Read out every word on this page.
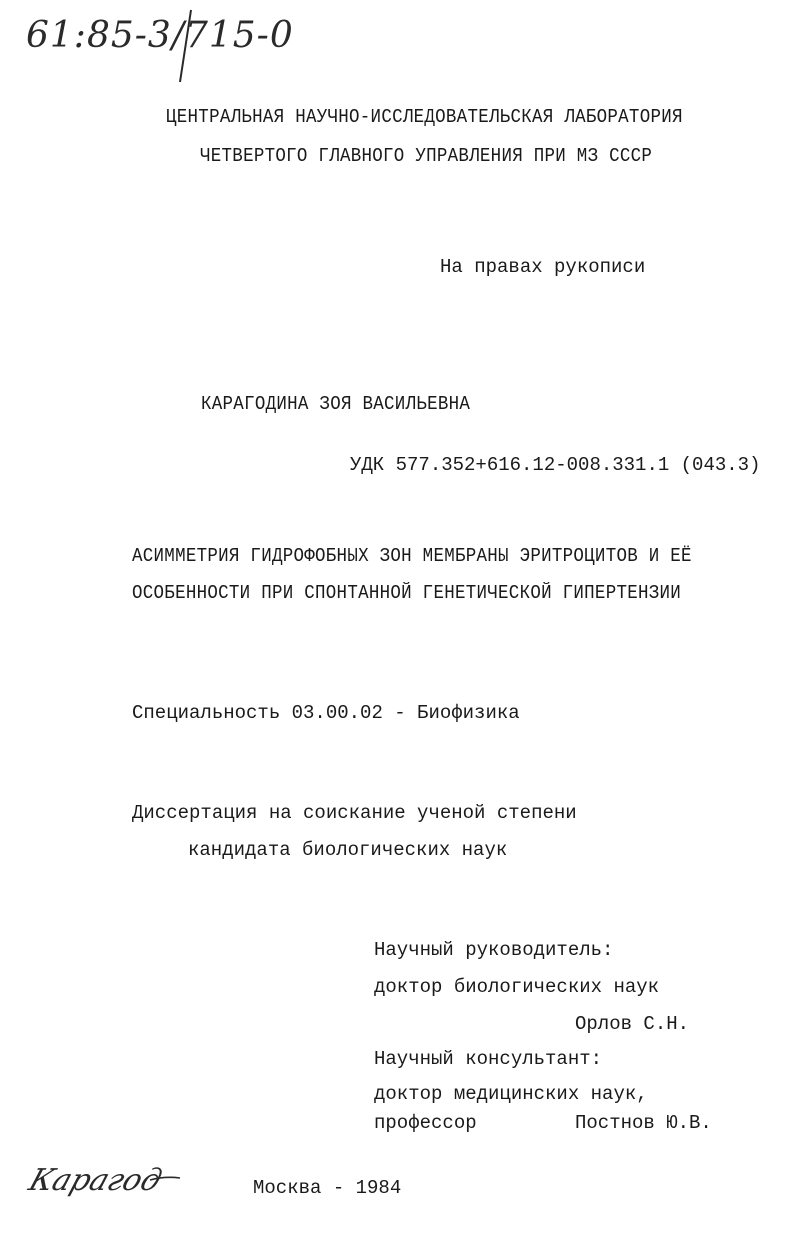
61:85-3/715-0
ЦЕНТРАЛЬНАЯ НАУЧНО-ИССЛЕДОВАТЕЛЬСКАЯ ЛАБОРАТОРИЯ
ЧЕТВЕРТОГО ГЛАВНОГО УПРАВЛЕНИЯ ПРИ МЗ СССР
На правах рукописи
КАРАГОДИНА ЗОЯ ВАСИЛЬЕВНА
УДК 577.352+616.12-008.331.1 (043.3)
АСИММЕТРИЯ ГИДРОФОБНЫХ ЗОН МЕМБРАНЫ ЭРИТРОЦИТОВ И ЕЁ
ОСОБЕННОСТИ ПРИ СПОНТАННОЙ ГЕНЕТИЧЕСКОЙ ГИПЕРТЕНЗИИ
Специальность 03.00.02 - Биофизика
Диссертация на соискание ученой степени
кандидата биологических наук
Научный руководитель:
доктор биологических наук
Орлов С.Н.
Научный консультант:
доктор медицинских наук,
профессор	Постнов Ю.В.
Карагод	Москва - 1984
